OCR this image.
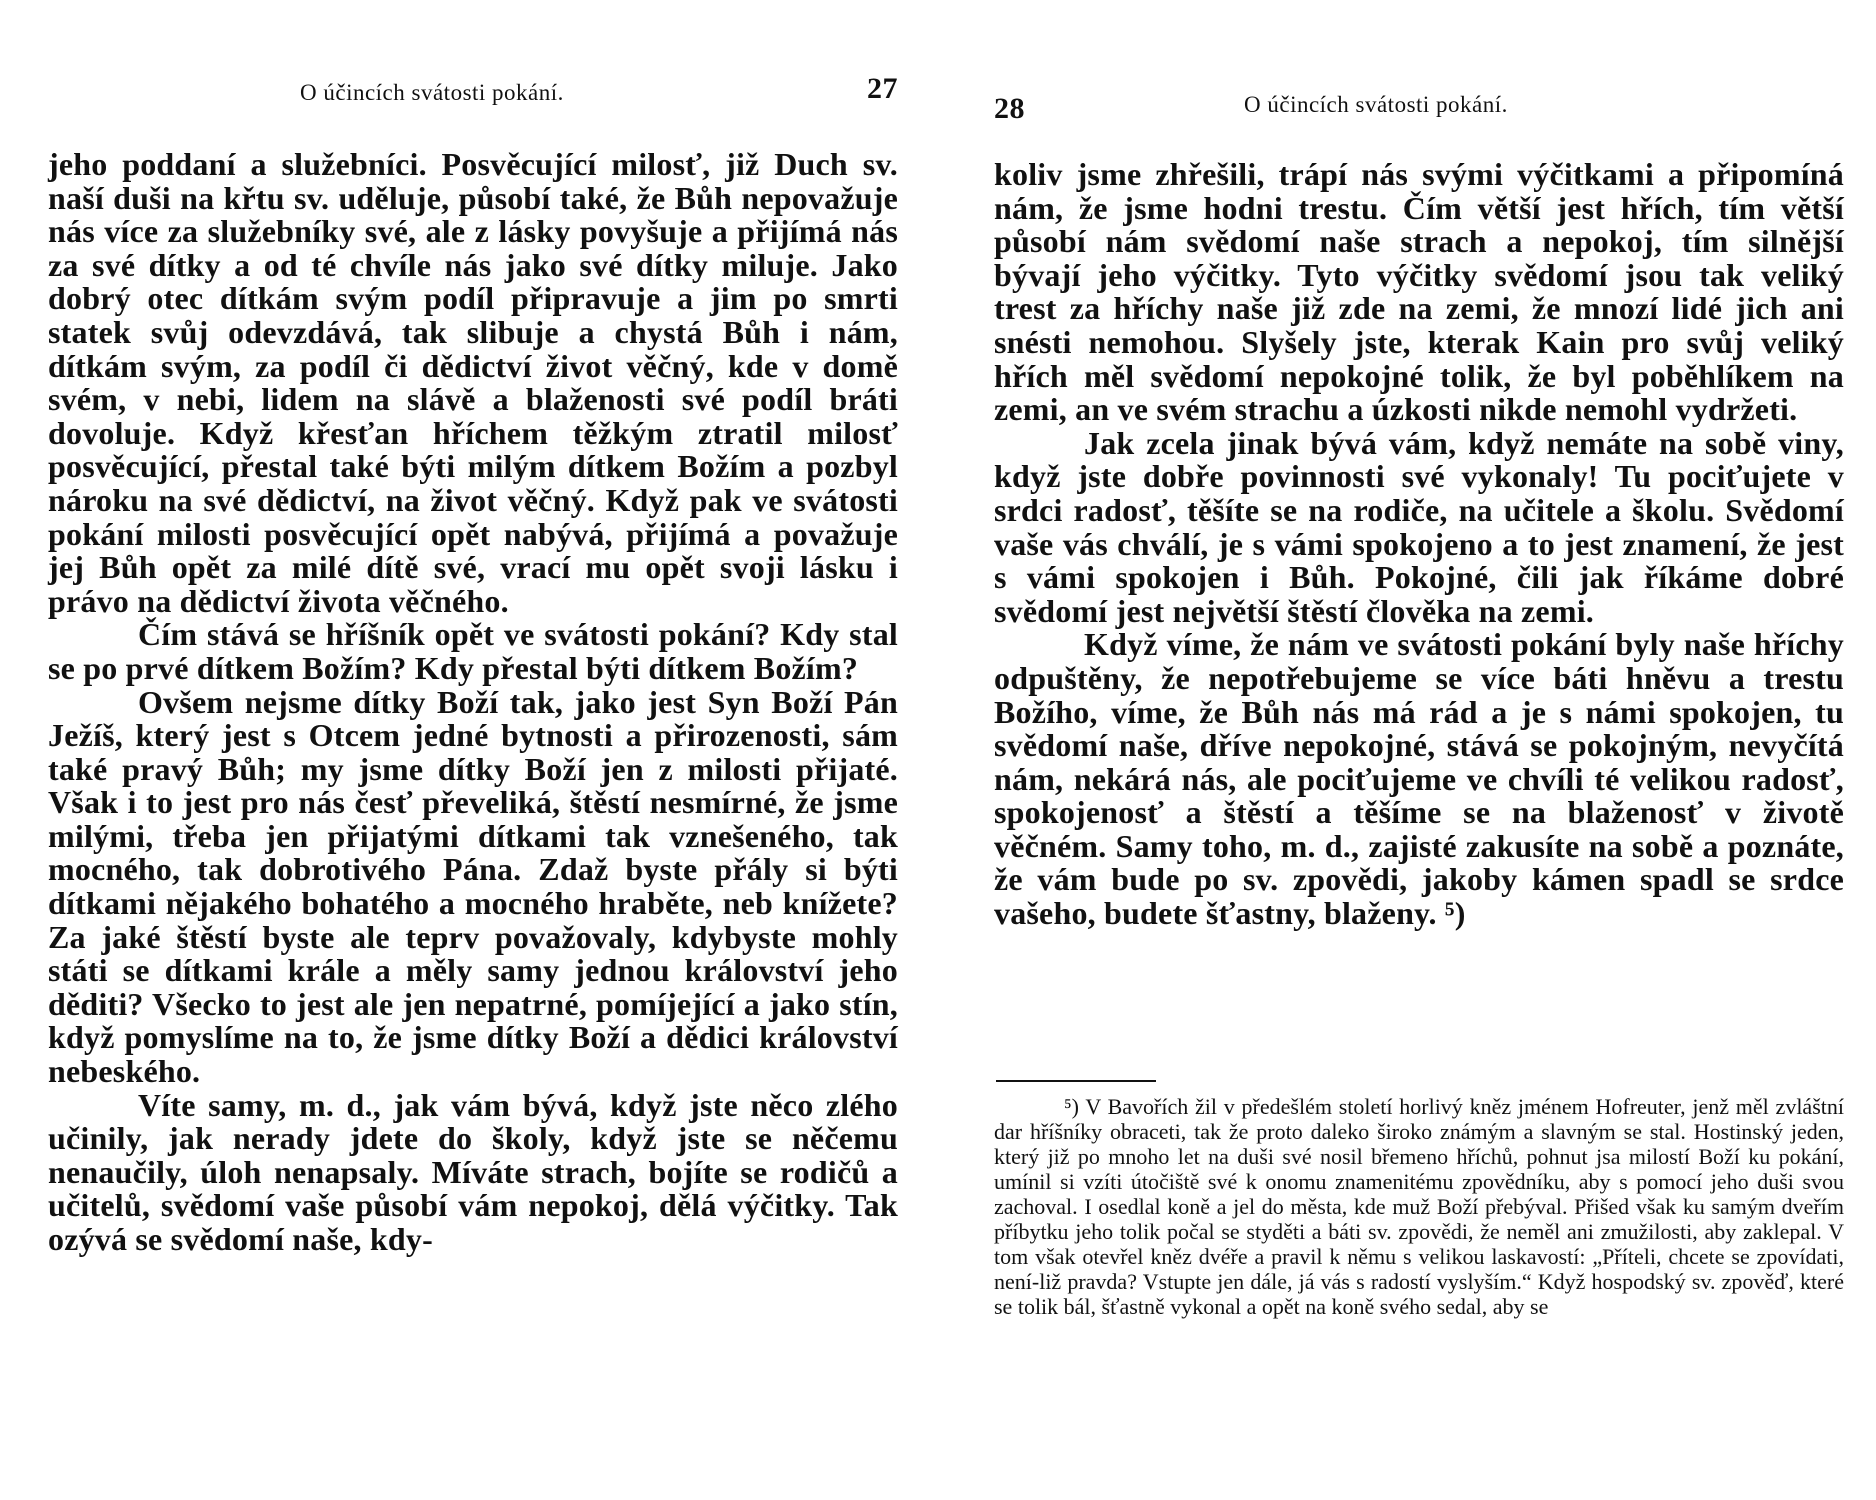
O účincích svátosti pokání.	27

jeho poddaní a služebníci. Posvěcující milosť, již Duch sv. naší duši na křtu sv. uděluje, působí také, že Bůh nepovažuje nás více za služebníky své, ale z lásky povyšuje a přijímá nás za své dítky a od té chvíle nás jako své dítky miluje. Jako dobrý otec dítkám svým podíl připravuje a jim po smrti statek svůj odevzdává, tak slibuje a chystá Bůh i nám, dítkám svým, za podíl či dědictví život věčný, kde v domě svém, v nebi, lidem na slávě a blaženosti své podíl bráti dovoluje. Když křesťan hříchem těžkým ztratil milosť posvěcující, přestal také býti milým dítkem Božím a pozbyl nároku na své dědictví, na život věčný. Když pak ve svátosti pokání milosti posvěcující opět nabývá, přijímá a považuje jej Bůh opět za milé dítě své, vrací mu opět svoji lásku i právo na dědictví života věčného.

Čím stává se hříšník opět ve svátosti pokání? Kdy stal se po prvé dítkem Božím? Kdy přestal býti dítkem Božím?

Ovšem nejsme dítky Boží tak, jako jest Syn Boží Pán Ježíš, který jest s Otcem jedné bytnosti a přirozenosti, sám také pravý Bůh; my jsme dítky Boží jen z milosti přijaté. Však i to jest pro nás česť převeliká, štěstí nesmírné, že jsme milými, třeba jen přijatými dítkami tak vznešeného, tak mocného, tak dobrotivého Pána. Zdaž byste přály si býti dítkami nějakého bohatého a mocného hraběte, neb knížete? Za jaké štěstí byste ale teprv považovaly, kdybyste mohly státi se dítkami krále a měly samy jednou království jeho děditi? Všecko to jest ale jen nepatrné, pomíjející a jako stín, když pomyslíme na to, že jsme dítky Boží a dědici království nebeského.

Víte samy, m. d., jak vám bývá, když jste něco zlého učinily, jak nerady jdete do školy, když jste se něčemu nenaučily, úloh nenapsaly. Míváte strach, bojíte se rodičů a učitelů, svědomí vaše působí vám nepokoj, dělá výčitky. Tak ozývá se svědomí naše, kdy-

28	O účincích svátosti pokání.

koliv jsme zhřešili, trápí nás svými výčitkami a připomíná nám, že jsme hodni trestu. Čím větší jest hřích, tím větší působí nám svědomí naše strach a nepokoj, tím silnější bývají jeho výčitky. Tyto výčitky svědomí jsou tak veliký trest za hříchy naše již zde na zemi, že mnozí lidé jich ani snésti nemohou. Slyšely jste, kterak Kain pro svůj veliký hřích měl svědomí nepokojné tolik, že byl poběhlíkem na zemi, an ve svém strachu a úzkosti nikde nemohl vydržeti.

Jak zcela jinak bývá vám, když nemáte na sobě viny, když jste dobře povinnosti své vykonaly! Tu pociťujete v srdci radosť, těšíte se na rodiče, na učitele a školu. Svědomí vaše vás chválí, je s vámi spokojeno a to jest znamení, že jest s vámi spokojen i Bůh. Pokojné, čili jak říkáme dobré svědomí jest největší štěstí člověka na zemi.

Když víme, že nám ve svátosti pokání byly naše hříchy odpuštěny, že nepotřebujeme se více báti hněvu a trestu Božího, víme, že Bůh nás má rád a je s námi spokojen, tu svědomí naše, dříve nepokojné, stává se pokojným, nevyčítá nám, nekárá nás, ale pociťujeme ve chvíli té velikou radosť, spokojenosť a štěstí a těšíme se na blaženosť v životě věčném. Samy toho, m. d., zajisté zakusíte na sobě a poznáte, že vám bude po sv. zpovědi, jakoby kámen spadl se srdce vašeho, budete šťastny, blaženy. ⁵)

⁵) V Bavořích žil v předešlém století horlivý kněz jménem Hofreuter, jenž měl zvláštní dar hříšníky obraceti, tak že proto daleko široko známým a slavným se stal. Hostinský jeden, který již po mnoho let na duši své nosil břemeno hříchů, pohnut jsa milostí Boží ku pokání, umínil si vzíti útočiště své k onomu znamenitému zpovědníku, aby s pomocí jeho duši svou zachoval. I osedlal koně a jel do města, kde muž Boží přebýval. Přišed však ku samým dveřím příbytku jeho tolik počal se styděti a báti sv. zpovědi, že neměl ani zmužilosti, aby zaklepal. V tom však otevřel kněz dvéře a pravil k němu s velikou laskavostí: „Příteli, chcete se zpovídati, není-liž pravda? Vstupte jen dále, já vás s radostí vyslyším.“ Když hospodský sv. zpověď, které se tolik bál, šťastně vykonal a opět na koně svého sedal, aby se
